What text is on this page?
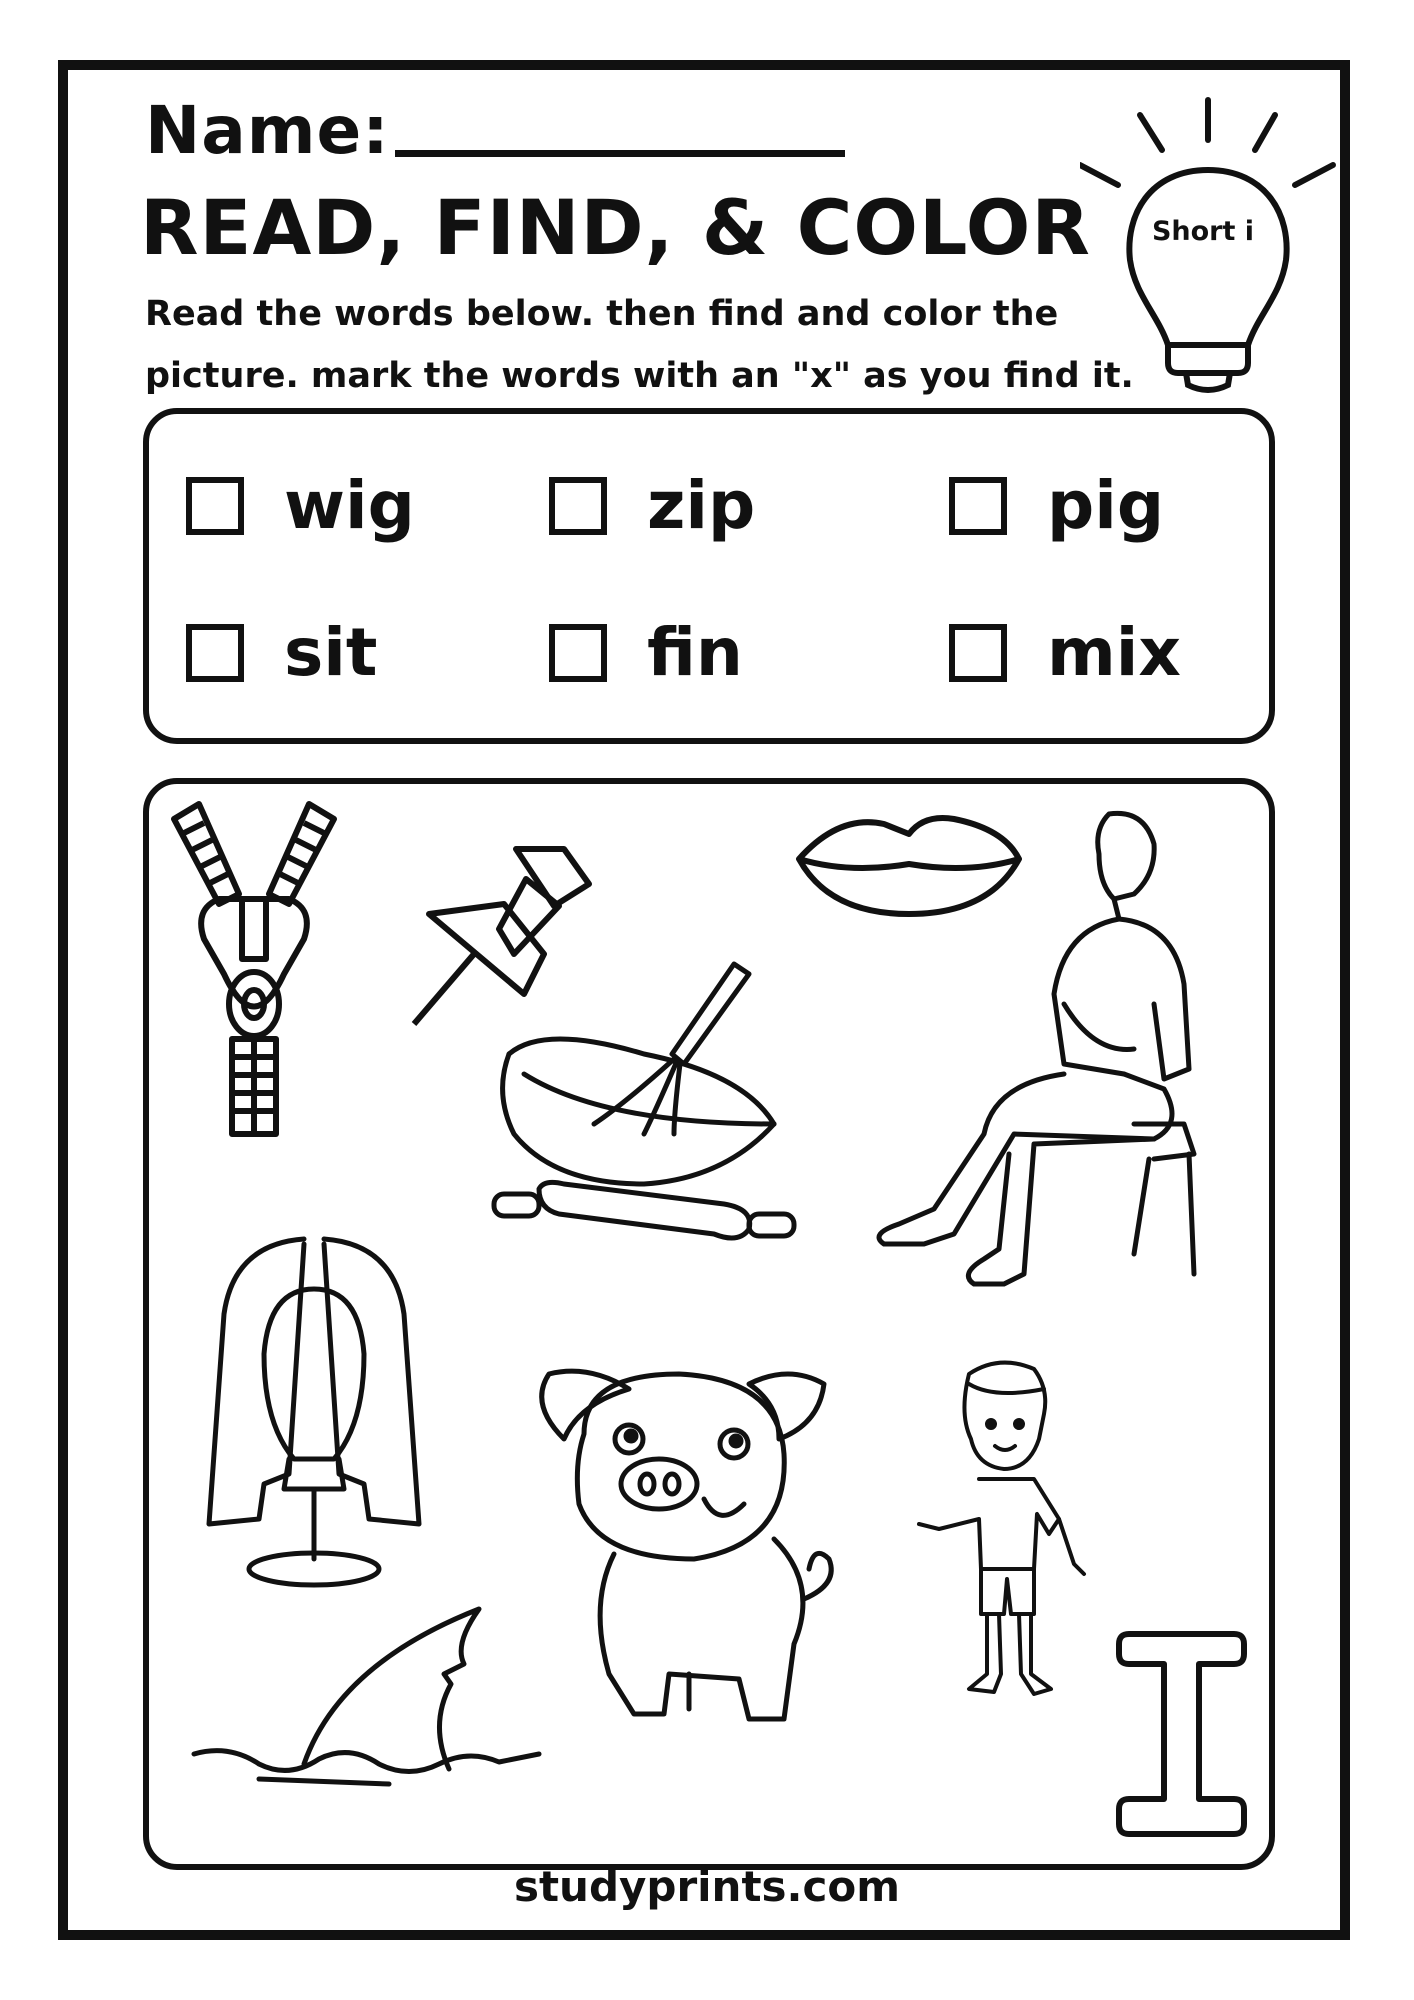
Name:
READ, FIND, & COLOR	Short i
Read the words below. then find and color the
picture. mark the words with an "x" as you find it.
wig	zip	pig
sit	fin	mix
studyprints.com
